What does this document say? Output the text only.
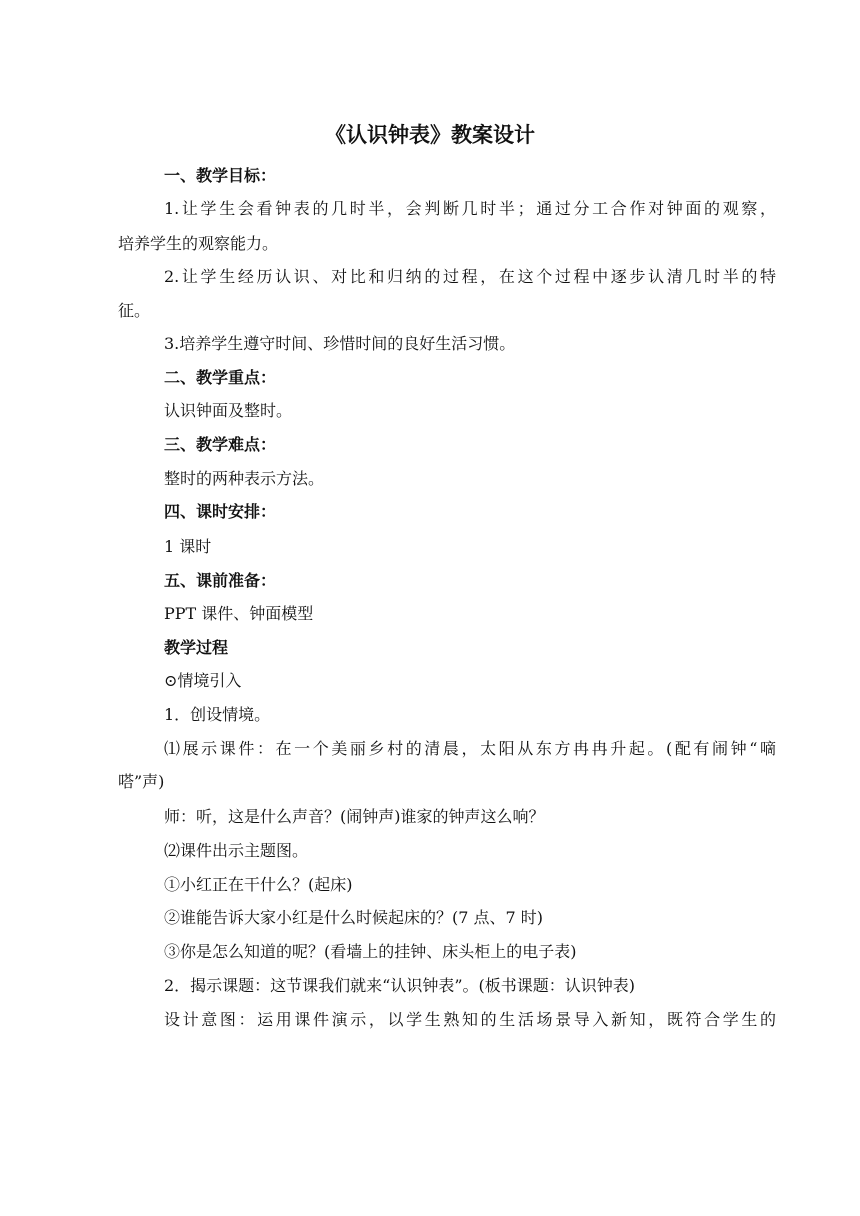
《认识钟表》教案设计
一、教学目标：
1.让学生会看钟表的几时半，会判断几时半；通过分工合作对钟面的观察，
培养学生的观察能力。
2.让学生经历认识、对比和归纳的过程，在这个过程中逐步认清几时半的特
征。
3.培养学生遵守时间、珍惜时间的良好生活习惯。
二、教学重点：
认识钟面及整时。
三、教学难点：
整时的两种表示方法。
四、课时安排：
1 课时
五、课前准备：
PPT 课件、钟面模型
教学过程
⊙情境引入
1．创设情境。
⑴展示课件：在一个美丽乡村的清晨，太阳从东方冉冉升起。(配有闹钟“嘀
嗒”声)
师：听，这是什么声音？(闹钟声)谁家的钟声这么响？
⑵课件出示主题图。
①小红正在干什么？(起床)
②谁能告诉大家小红是什么时候起床的？(7 点、7 时)
③你是怎么知道的呢？(看墙上的挂钟、床头柜上的电子表)
2．揭示课题：这节课我们就来“认识钟表”。(板书课题：认识钟表)
设计意图：运用课件演示，以学生熟知的生活场景导入新知，既符合学生的
